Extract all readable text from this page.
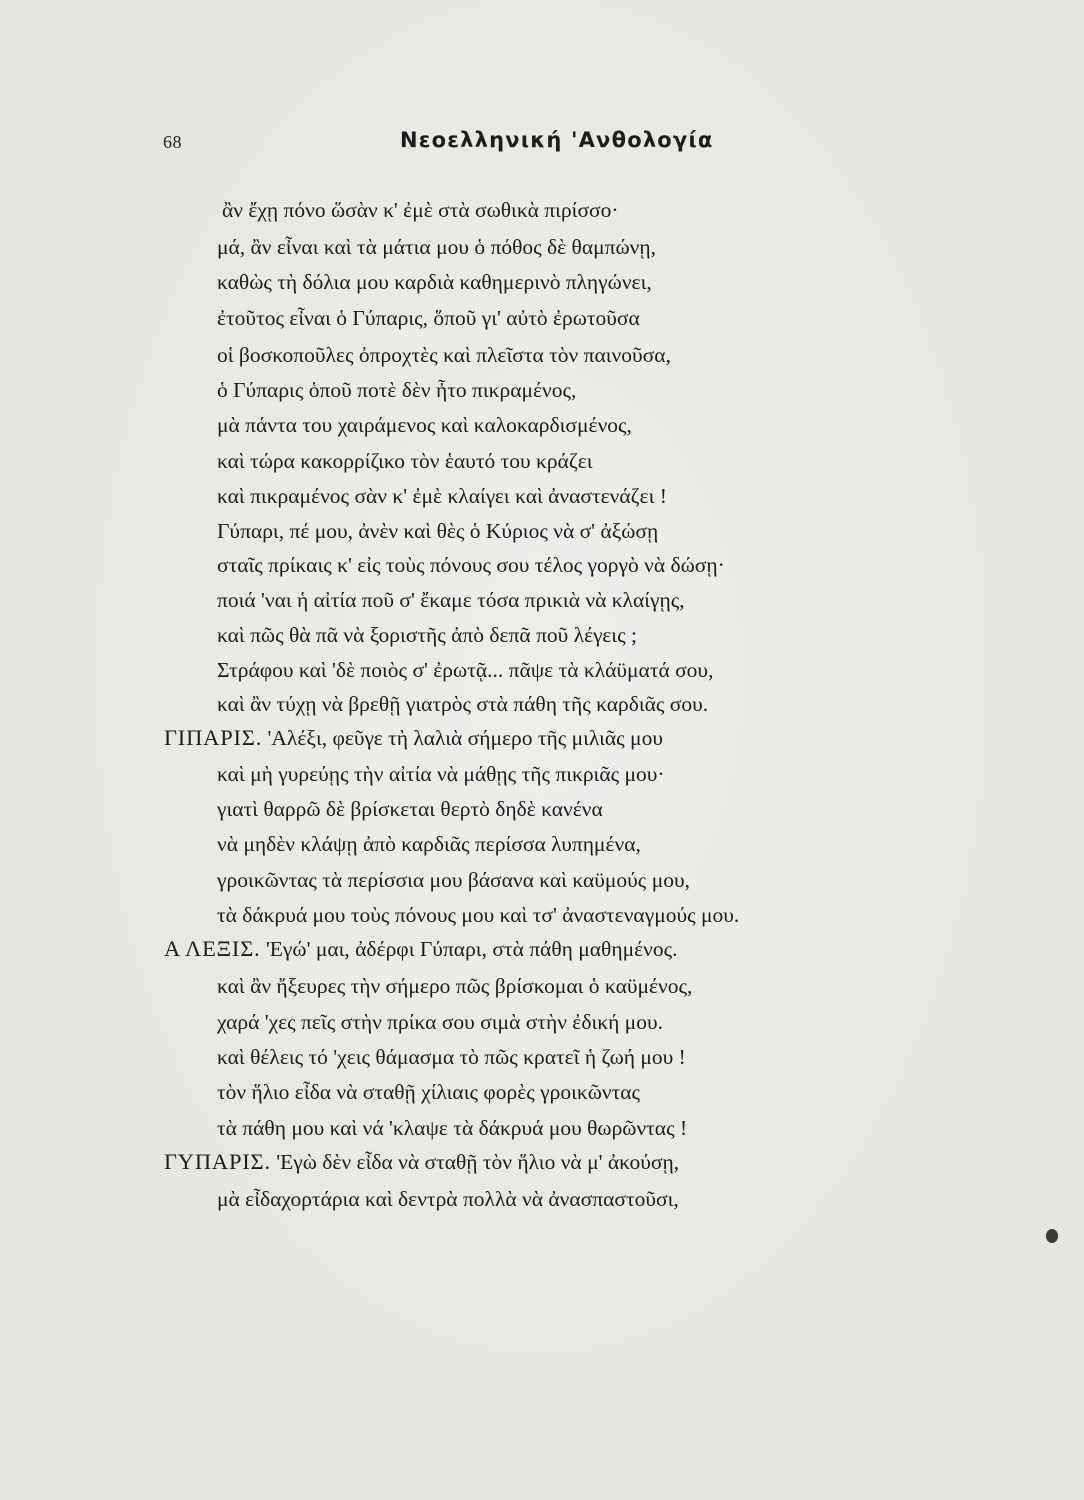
68	Νεοελληνική 'Ανθολογία
ἂν ἔχῃ πόνο ὥσὰν κ' ἐμὲ στὰ σωθικὰ πιρίσσο·
μά, ἂν εἶναι καὶ τὰ μάτια μου ὁ πόθος δὲ θαμπώνῃ,
καθὼς τὴ δόλια μου καρδιὰ καθημερινὸ πληγώνει,
ἐτοῦτος εἶναι ὁ Γύπαρις, ὅποῦ γι' αὐτὸ ἐρωτοῦσα
οἱ βοσκοποῦλες ὀπροχτὲς καὶ πλεῖστα τὸν παινοῦσα,
ὁ Γύπαρις ὁποῦ ποτὲ δὲν ἦτο πικραμένος,
μὰ πάντα του χαιράμενος καὶ καλοκαρδισμένος,
καὶ τώρα κακορρίζικο τὸν ἑαυτό του κράζει
καὶ πικραμένος σὰν κ' ἐμὲ κλαίγει καὶ ἀναστενάζει !
Γύπαρι, πέ μου, ἀνὲν καὶ θὲς ὁ Κύριος νὰ σ' ἀξώσῃ
σταῖς πρίκαις κ' εἰς τοὺς πόνους σου τέλος γοργὸ νὰ δώσῃ·
ποιά 'ναι ἡ αἰτία ποῦ σ' ἔκαμε τόσα πρικιὰ νὰ κλαίγῃς,
καὶ πῶς θὰ πᾶ νὰ ξοριστῆς ἀπὸ δεπᾶ ποῦ λέγεις ;
Στράφου καὶ 'δὲ ποιὸς σ' ἐρωτᾷ... πᾶψε τὰ κλάϋματά σου,
καὶ ἂν τύχῃ νὰ βρεθῇ γιατρὸς στὰ πάθη τῆς καρδιᾶς σου.
ΓΙΠΑΡΙΣ. 'Αλέξι, φεῦγε τὴ λαλιὰ σήμερο τῆς μιλιᾶς μου
καὶ μὴ γυρεύῃς τὴν αἰτία νὰ μάθῃς τῆς πικριᾶς μου·
γιατὶ θαρρῶ δὲ βρίσκεται θερτὸ δηδὲ κανένα
νὰ μηδὲν κλάψῃ ἀπὸ καρδιᾶς περίσσα λυπημένα,
γροικῶντας τὰ περίσσια μου βάσανα καὶ καϋμούς μου,
τὰ δάκρυά μου τοὺς πόνους μου καὶ τσ' ἀναστεναγμούς μου.
Α ΛΕΞΙΣ. 'Εγώ' μαι, ἀδέρφι Γύπαρι, στὰ πάθη μαθημένος.
καὶ ἂν ἤξευρες τὴν σήμερο πῶς βρίσκομαι ὁ καϋμένος,
χαρά 'χες πεῖς στὴν πρίκα σου σιμὰ στὴν ἐδική μου.
καὶ θέλεις τό 'χεις θάμασμα τὸ πῶς κρατεῖ ἡ ζωή μου !
τὸν ἥλιο εἶδα νὰ σταθῇ χίλιαις φορὲς γροικῶντας
τὰ πάθη μου καὶ νά 'κλαψε τὰ δάκρυά μου θωρῶντας !
ΓΥΠΑΡΙΣ. 'Εγὼ δὲν εἶδα νὰ σταθῇ τὸν ἥλιο νὰ μ' ἀκούσῃ,
μὰ εἶδαχορτάρια καὶ δεντρὰ πολλὰ νὰ ἀνασπαστοῦσι,
